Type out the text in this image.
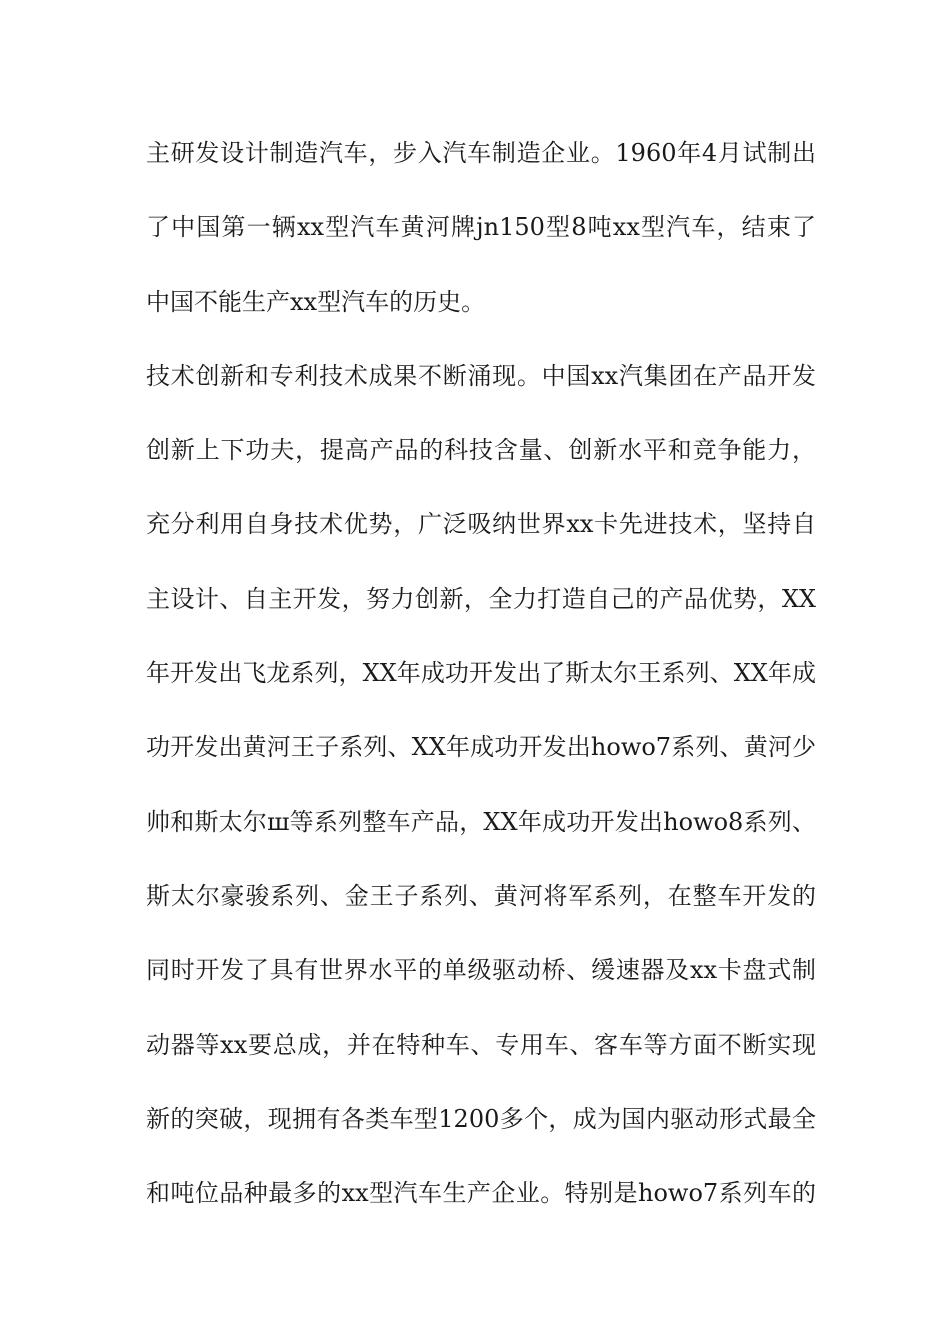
主研发设计制造汽车，步入汽车制造企业。1960年4月试制出
了中国第一辆xx型汽车黄河牌jn150型8吨xx型汽车，结束了
中国不能生产xx型汽车的历史。
技术创新和专利技术成果不断涌现。中国xx汽集团在产品开发
创新上下功夫，提高产品的科技含量、创新水平和竞争能力，
充分利用自身技术优势，广泛吸纳世界xx卡先进技术，坚持自
主设计、自主开发，努力创新，全力打造自己的产品优势，XX
年开发出飞龙系列，XX年成功开发出了斯太尔王系列、XX年成
功开发出黄河王子系列、XX年成功开发出howo7系列、黄河少
帅和斯太尔ш等系列整车产品，XX年成功开发出howo8系列、
斯太尔豪骏系列、金王子系列、黄河将军系列，在整车开发的
同时开发了具有世界水平的单级驱动桥、缓速器及xx卡盘式制
动器等xx要总成，并在特种车、专用车、客车等方面不断实现
新的突破，现拥有各类车型1200多个，成为国内驱动形式最全
和吨位品种最多的xx型汽车生产企业。特别是howo7系列车的
